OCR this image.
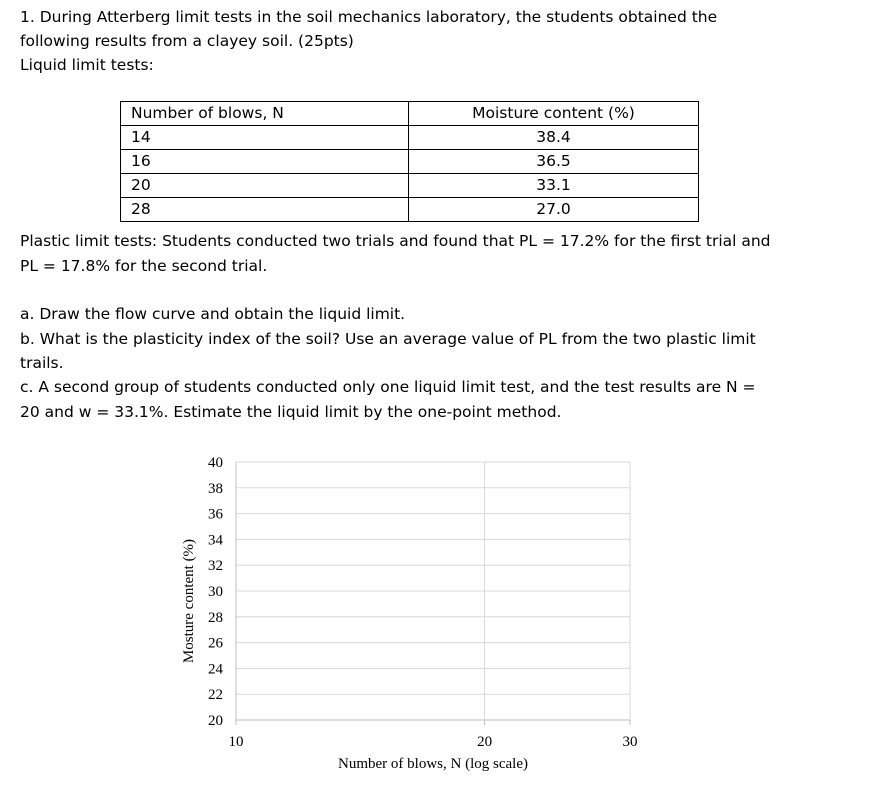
1. During Atterberg limit tests in the soil mechanics laboratory, the students obtained the

following results from a clayey soil. (25pts)

Liquid limit tests:

Number of blows, N	Moisture content (%)
14	38.4
16	36.5
20	33.1
28	27.0

Plastic limit tests: Students conducted two trials and found that PL = 17.2% for the first trial and

PL = 17.8% for the second trial.

a. Draw the flow curve and obtain the liquid limit.

b. What is the plasticity index of the soil? Use an average value of PL from the two plastic limit

trails.

c. A second group of students conducted only one liquid limit test, and the test results are N =

20 and w = 33.1%. Estimate the liquid limit by the one-point method.

20
22
24
26
28
30
32
34
36
38
40
10	20	30
Number of blows, N (log scale)
Mosture content (%)
